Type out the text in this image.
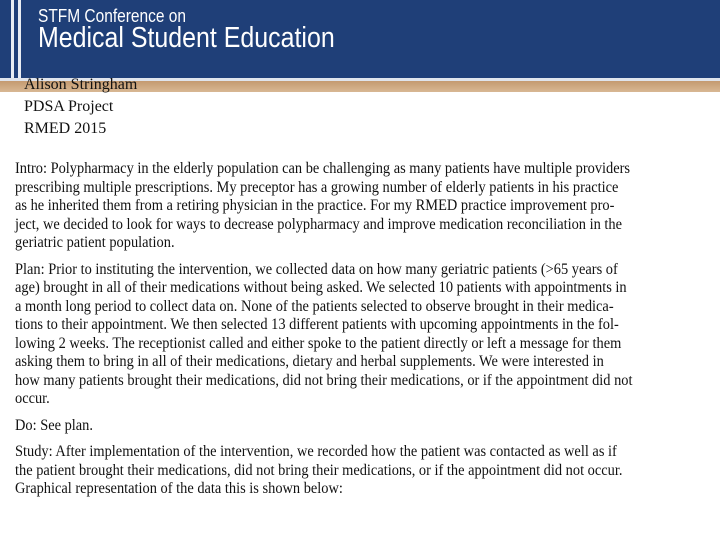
STFM Conference on
Medical Student Education
Alison Stringham
PDSA Project
RMED 2015
Intro: Polypharmacy in the elderly population can be challenging as many patients have multiple providers
prescribing multiple prescriptions. My preceptor has a growing number of elderly patients in his practice
as he inherited them from a retiring physician in the practice. For my RMED practice improvement pro-
ject, we decided to look for ways to decrease polypharmacy and improve medication reconciliation in the
geriatric patient population.
Plan: Prior to instituting the intervention, we collected data on how many geriatric patients (>65 years of
age) brought in all of their medications without being asked. We selected 10 patients with appointments in
a month long period to collect data on. None of the patients selected to observe brought in their medica-
tions to their appointment. We then selected 13 different patients with upcoming appointments in the fol-
lowing 2 weeks. The receptionist called and either spoke to the patient directly or left a message for them
asking them to bring in all of their medications, dietary and herbal supplements. We were interested in
how many patients brought their medications, did not bring their medications, or if the appointment did not
occur.
Do: See plan.
Study: After implementation of the intervention, we recorded how the patient was contacted as well as if
the patient brought their medications, did not bring their medications, or if the appointment did not occur.
Graphical representation of the data this is shown below:
